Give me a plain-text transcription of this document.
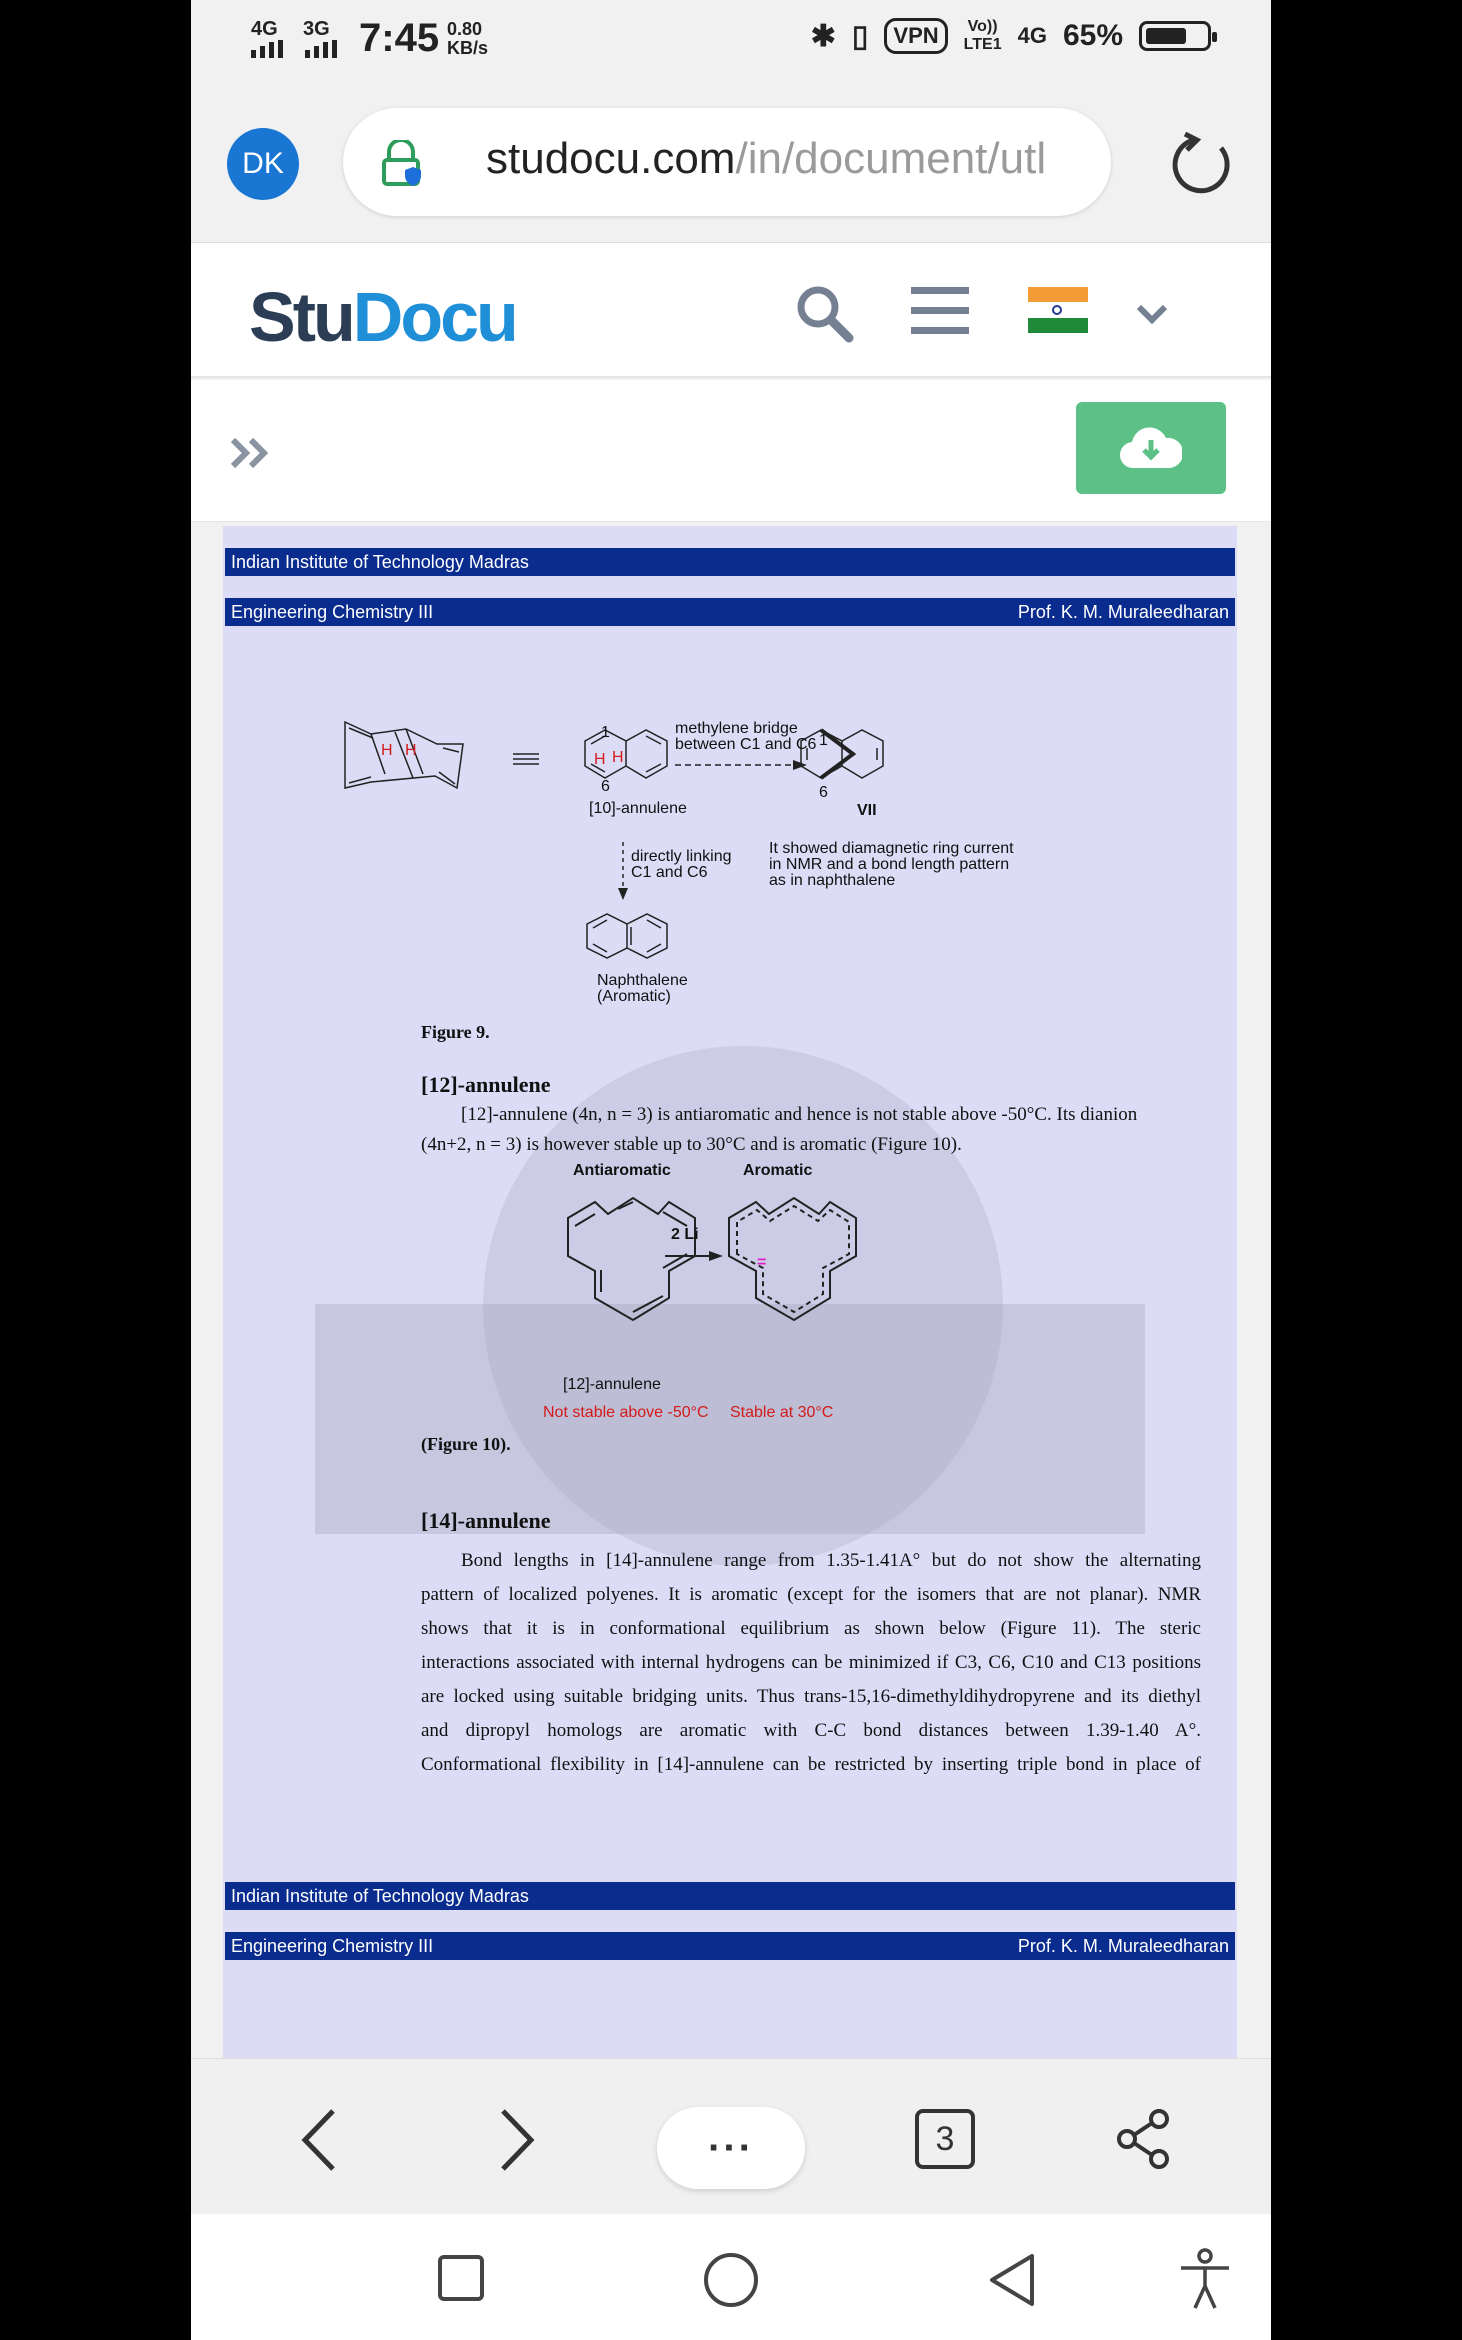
4G 3G 7:45 0.80
KB/s	✱ ▯	VPN	Vo))
LTE1 4G 65%
DK	studocu.com/in/document/utl
StuDocu
Indian Institute of Technology Madras
Engineering Chemistry III	Prof. K. M. Muraleedharan
H H
H H
1
6
[10]-annulene
methylene bridge
between C1 and C6 1
6
VII
directly linking
C1 and C6
It showed diamagnetic ring current
in NMR and a bond length pattern
as in naphthalene
Naphthalene
(Aromatic)
Figure 9.
[12]-annulene
[12]-annulene (4n, n = 3) is antiaromatic and hence is not stable above -50°C. Its dianion
(4n+2, n = 3) is however stable up to 30°C and is aromatic (Figure 10).
Antiaromatic	Aromatic
2 Li
=
[12]-annulene
Not stable above -50°C Stable at 30°C
(Figure 10).
[14]-annulene
Bond lengths in [14]-annulene range from 1.35-1.41A° but do not show the alternating
pattern of localized polyenes. It is aromatic (except for the isomers that are not planar). NMR
shows that it is in conformational equilibrium as shown below (Figure 11). The steric
interactions associated with internal hydrogens can be minimized if C3, C6, C10 and C13 positions
are locked using suitable bridging units. Thus trans-15,16-dimethyldihydropyrene and its diethyl
and dipropyl homologs are aromatic with C-C bond distances between 1.39-1.40 A°.
Conformational flexibility in [14]-annulene can be restricted by inserting triple bond in place of
Indian Institute of Technology Madras
Engineering Chemistry III	Prof. K. M. Muraleedharan
···	3
